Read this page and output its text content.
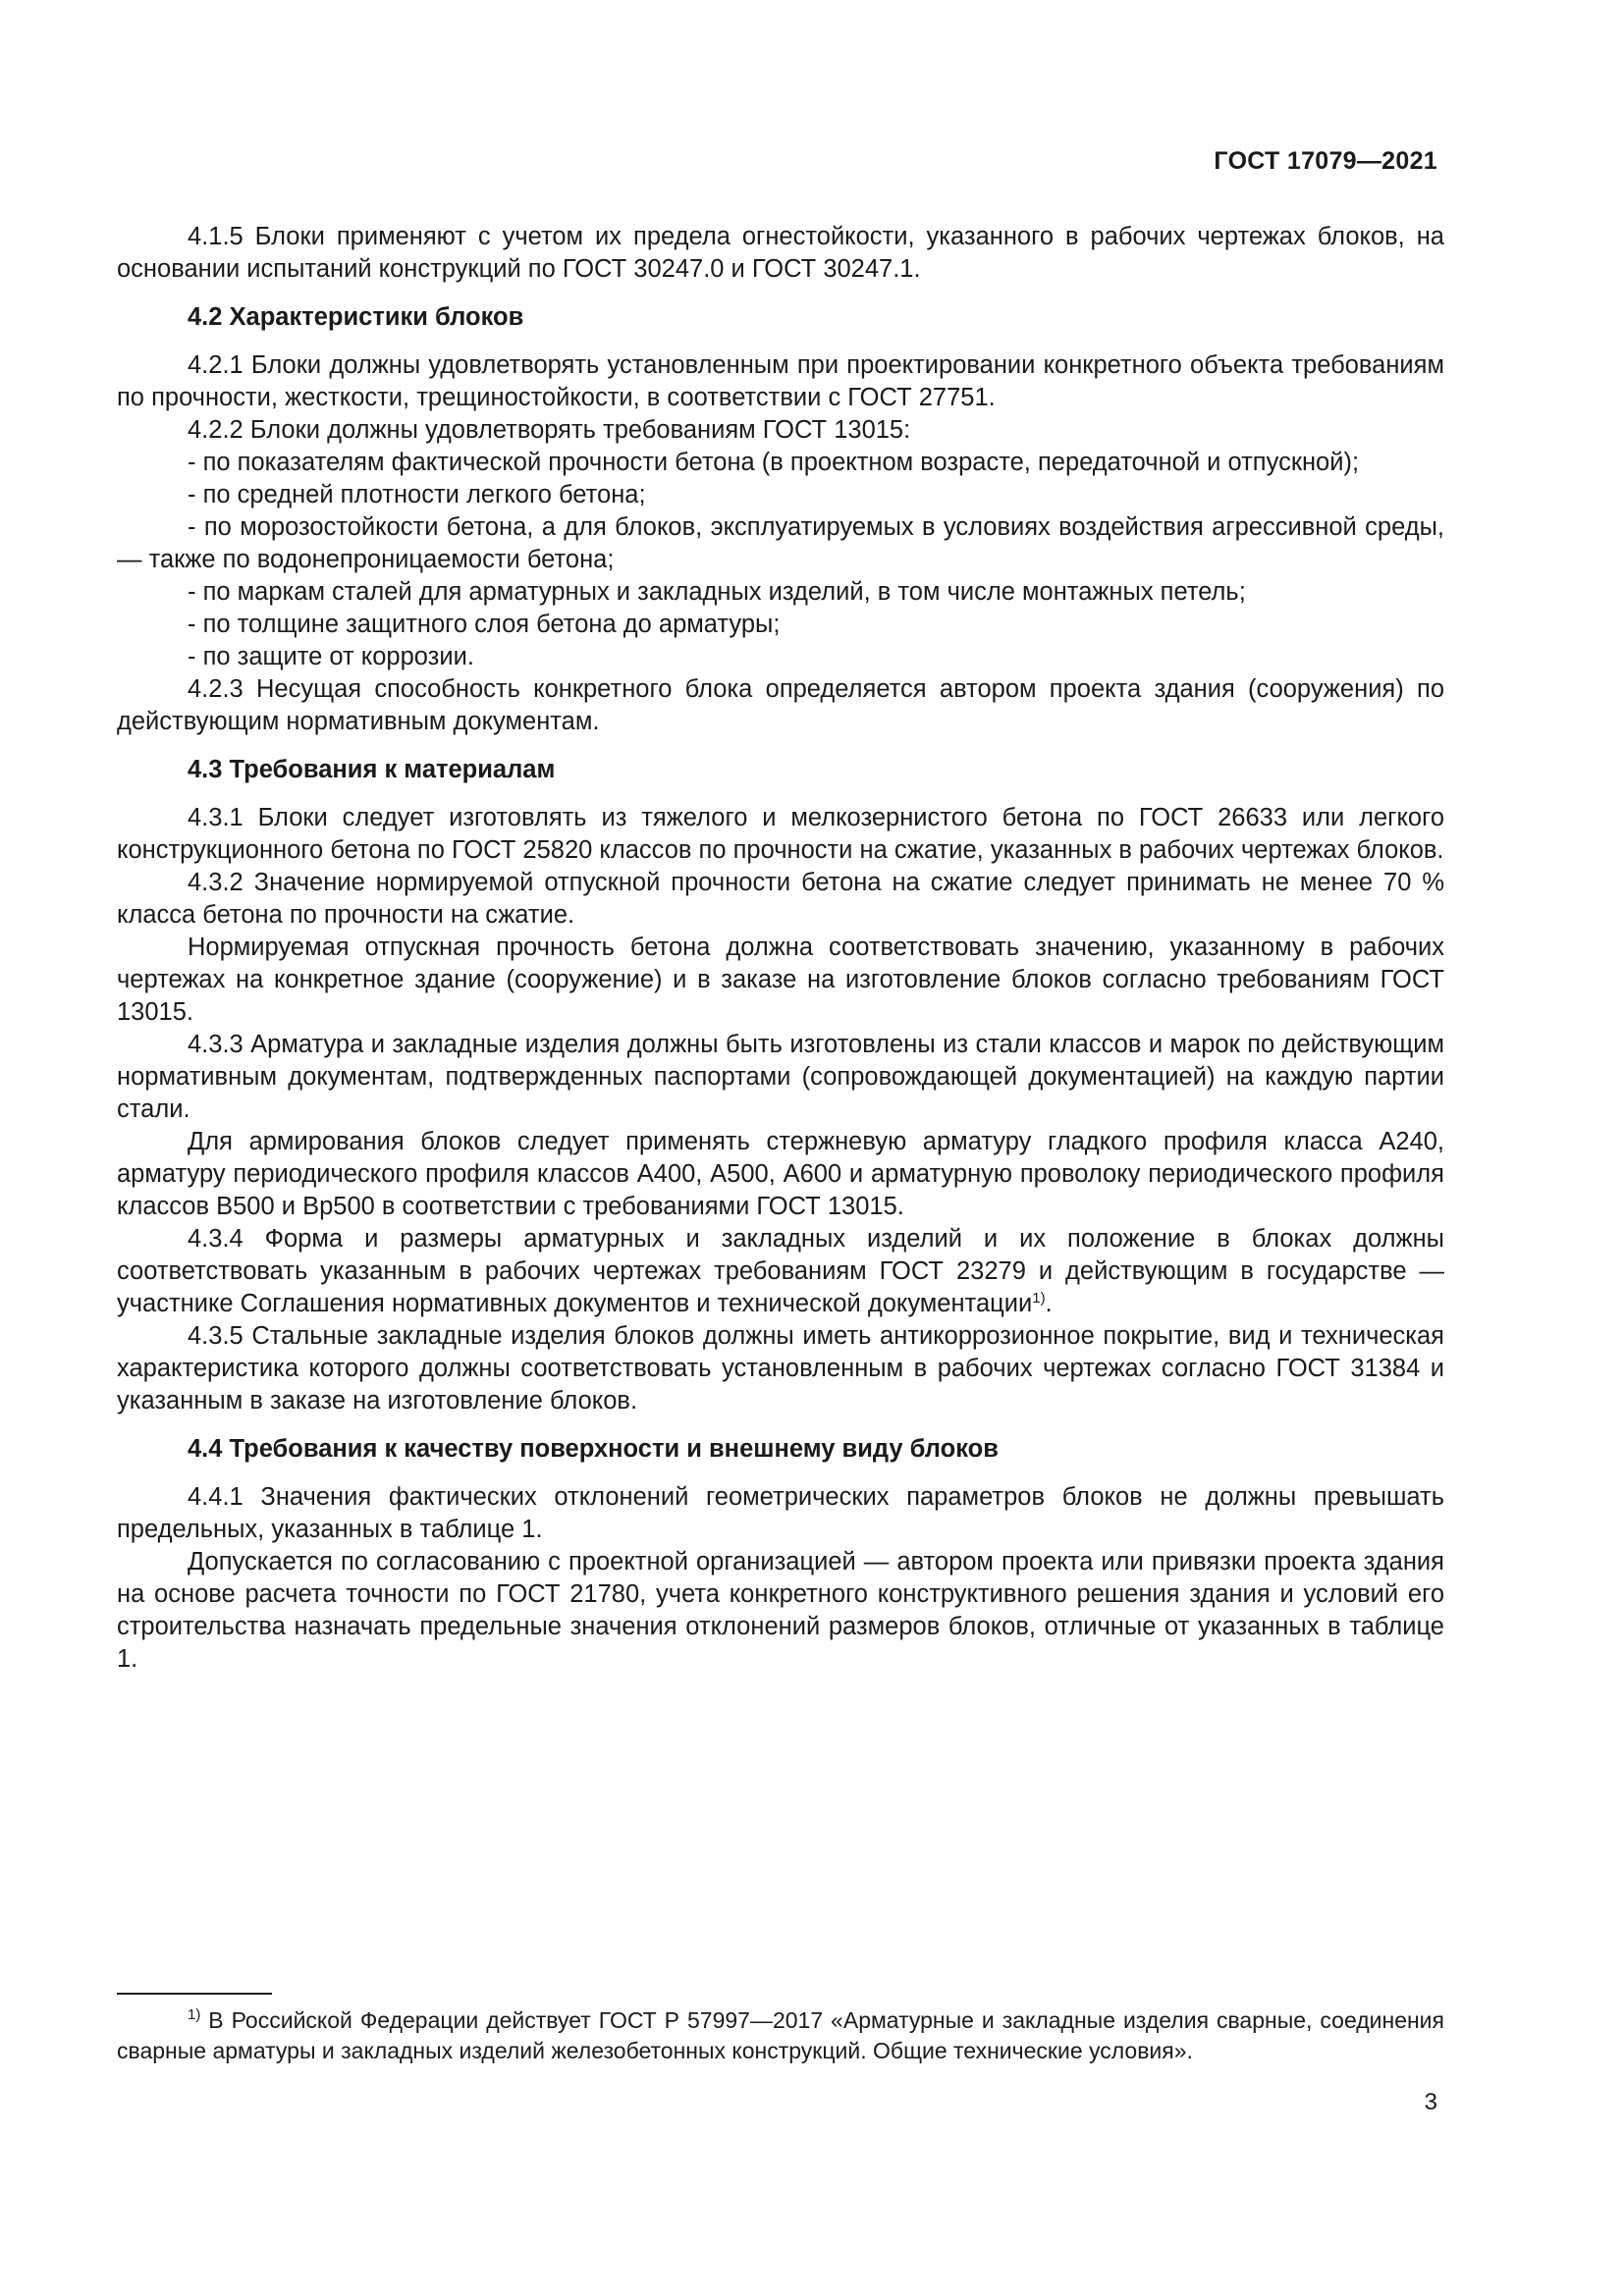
ГОСТ 17079—2021

4.1.5 Блоки применяют с учетом их предела огнестойкости, указанного в рабочих чертежах блоков, на основании испытаний конструкций по ГОСТ 30247.0 и ГОСТ 30247.1.

4.2 Характеристики блоков

4.2.1 Блоки должны удовлетворять установленным при проектировании конкретного объекта требованиям по прочности, жесткости, трещиностойкости, в соответствии с ГОСТ 27751.

4.2.2 Блоки должны удовлетворять требованиям ГОСТ 13015:

- по показателям фактической прочности бетона (в проектном возрасте, передаточной и отпускной);

- по средней плотности легкого бетона;

- по морозостойкости бетона, а для блоков, эксплуатируемых в условиях воздействия агрессивной среды, — также по водонепроницаемости бетона;

- по маркам сталей для арматурных и закладных изделий, в том числе монтажных петель;

- по толщине защитного слоя бетона до арматуры;

- по защите от коррозии.

4.2.3 Несущая способность конкретного блока определяется автором проекта здания (сооружения) по действующим нормативным документам.

4.3 Требования к материалам

4.3.1 Блоки следует изготовлять из тяжелого и мелкозернистого бетона по ГОСТ 26633 или легкого конструкционного бетона по ГОСТ 25820 классов по прочности на сжатие, указанных в рабочих чертежах блоков.

4.3.2 Значение нормируемой отпускной прочности бетона на сжатие следует принимать не менее 70 % класса бетона по прочности на сжатие.

Нормируемая отпускная прочность бетона должна соответствовать значению, указанному в рабочих чертежах на конкретное здание (сооружение) и в заказе на изготовление блоков согласно требованиям ГОСТ 13015.

4.3.3 Арматура и закладные изделия должны быть изготовлены из стали классов и марок по действующим нормативным документам, подтвержденных паспортами (сопровождающей документацией) на каждую партии стали.

Для армирования блоков следует применять стержневую арматуру гладкого профиля класса А240, арматуру периодического профиля классов А400, А500, А600 и арматурную проволоку периодического профиля классов В500 и Вр500 в соответствии с требованиями ГОСТ 13015.

4.3.4 Форма и размеры арматурных и закладных изделий и их положение в блоках должны соответствовать указанным в рабочих чертежах требованиям ГОСТ 23279 и действующим в государстве — участнике Соглашения нормативных документов и технической документации$^{1)}$.

4.3.5 Стальные закладные изделия блоков должны иметь антикоррозионное покрытие, вид и техническая характеристика которого должны соответствовать установленным в рабочих чертежах согласно ГОСТ 31384 и указанным в заказе на изготовление блоков.

4.4 Требования к качеству поверхности и внешнему виду блоков

4.4.1 Значения фактических отклонений геометрических параметров блоков не должны превышать предельных, указанных в таблице 1.

Допускается по согласованию с проектной организацией — автором проекта или привязки проекта здания на основе расчета точности по ГОСТ 21780, учета конкретного конструктивного решения здания и условий его строительства назначать предельные значения отклонений размеров блоков, отличные от указанных в таблице 1.

$^{1)}$ В Российской Федерации действует ГОСТ Р 57997—2017 «Арматурные и закладные изделия сварные, соединения сварные арматуры и закладных изделий железобетонных конструкций. Общие технические условия».
3
